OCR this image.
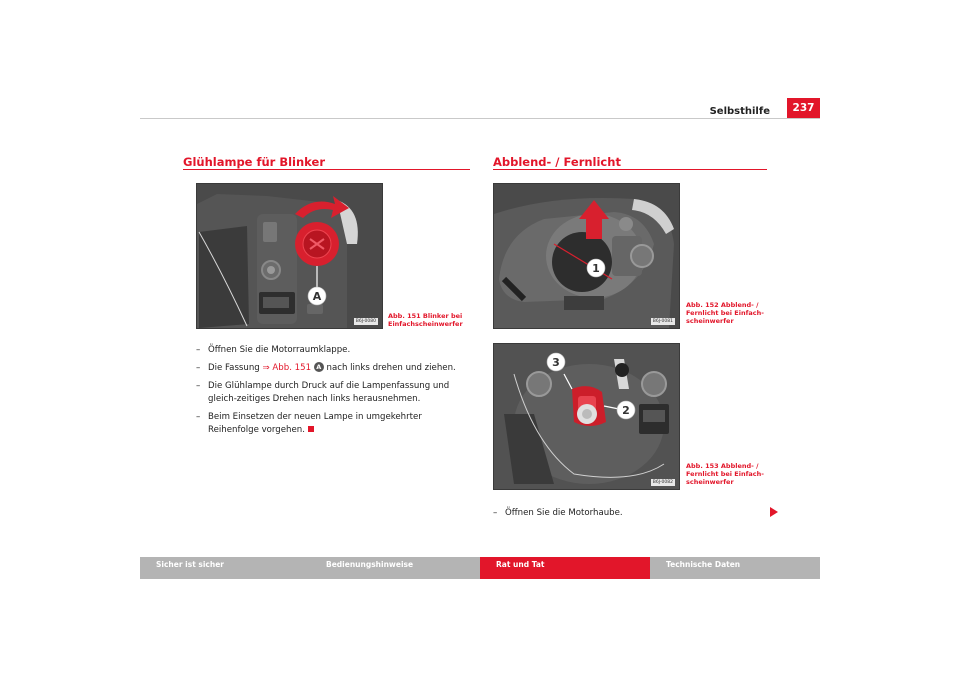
Selbsthilfe	237
Glühlampe für Blinker
A
B6J-0080
Abb. 151 Blinker bei
Einfachscheinwerfer
– Öffnen Sie die Motorraumklappe.
– Die Fassung ⇒ Abb. 151 A nach links drehen und ziehen.
– Die Glühlampe durch Druck auf die Lampenfassung und gleich-zeitiges Drehen nach links herausnehmen.
– Beim Einsetzen der neuen Lampe in umgekehrter Reihenfolge vorgehen.
Abblend- / Fernlicht
1
B6J-0081
Abb. 152 Abblend- /
Fernlicht bei Einfach-
scheinwerfer
3
2
B6J-0082
Abb. 153 Abblend- /
Fernlicht bei Einfach-
scheinwerfer
– Öffnen Sie die Motorhaube.
Sicher ist sicher	Bedienungshinweise	Rat und Tat	Technische Daten
